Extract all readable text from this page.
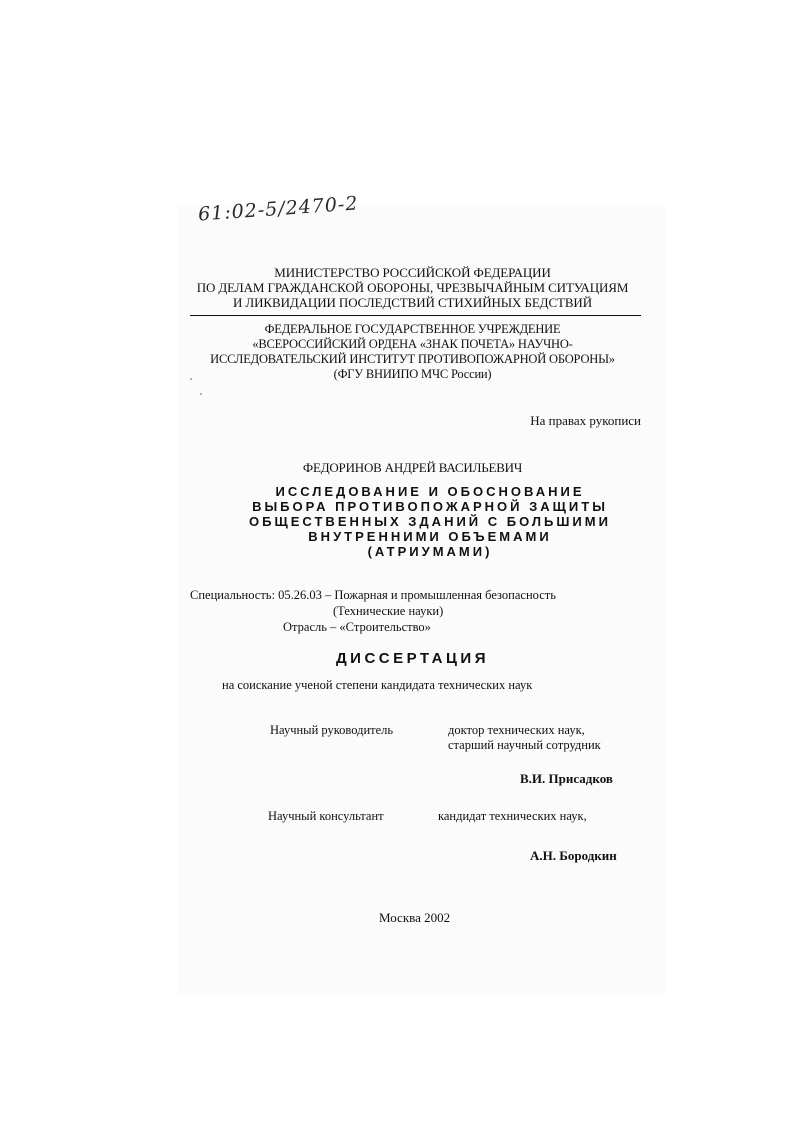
61:02-5/2470-2
МИНИСТЕРСТВО РОССИЙСКОЙ ФЕДЕРАЦИИ
ПО ДЕЛАМ ГРАЖДАНСКОЙ ОБОРОНЫ, ЧРЕЗВЫЧАЙНЫМ СИТУАЦИЯМ
И ЛИКВИДАЦИИ ПОСЛЕДСТВИЙ СТИХИЙНЫХ БЕДСТВИЙ
ФЕДЕРАЛЬНОЕ ГОСУДАРСТВЕННОЕ УЧРЕЖДЕНИЕ
«ВСЕРОССИЙСКИЙ ОРДЕНА «ЗНАК ПОЧЕТА» НАУЧНО-
ИССЛЕДОВАТЕЛЬСКИЙ ИНСТИТУТ ПРОТИВОПОЖАРНОЙ ОБОРОНЫ»
(ФГУ ВНИИПО МЧС России)
На правах рукописи
ФЕДОРИНОВ АНДРЕЙ ВАСИЛЬЕВИЧ
ИССЛЕДОВАНИЕ И ОБОСНОВАНИЕ
ВЫБОРА ПРОТИВОПОЖАРНОЙ ЗАЩИТЫ
ОБЩЕСТВЕННЫХ ЗДАНИЙ С БОЛЬШИМИ
ВНУТРЕННИМИ ОБЪЕМАМИ
(АТРИУМАМИ)
Специальность: 05.26.03 – Пожарная и промышленная безопасность
(Технические науки)
Отрасль – «Строительство»
ДИССЕРТАЦИЯ
на соискание ученой степени кандидата технических наук
Научный руководитель	доктор технических наук,
старший научный сотрудник
В.И. Присадков
Научный консультант	кандидат технических наук,
А.Н. Бородкин
Москва 2002
